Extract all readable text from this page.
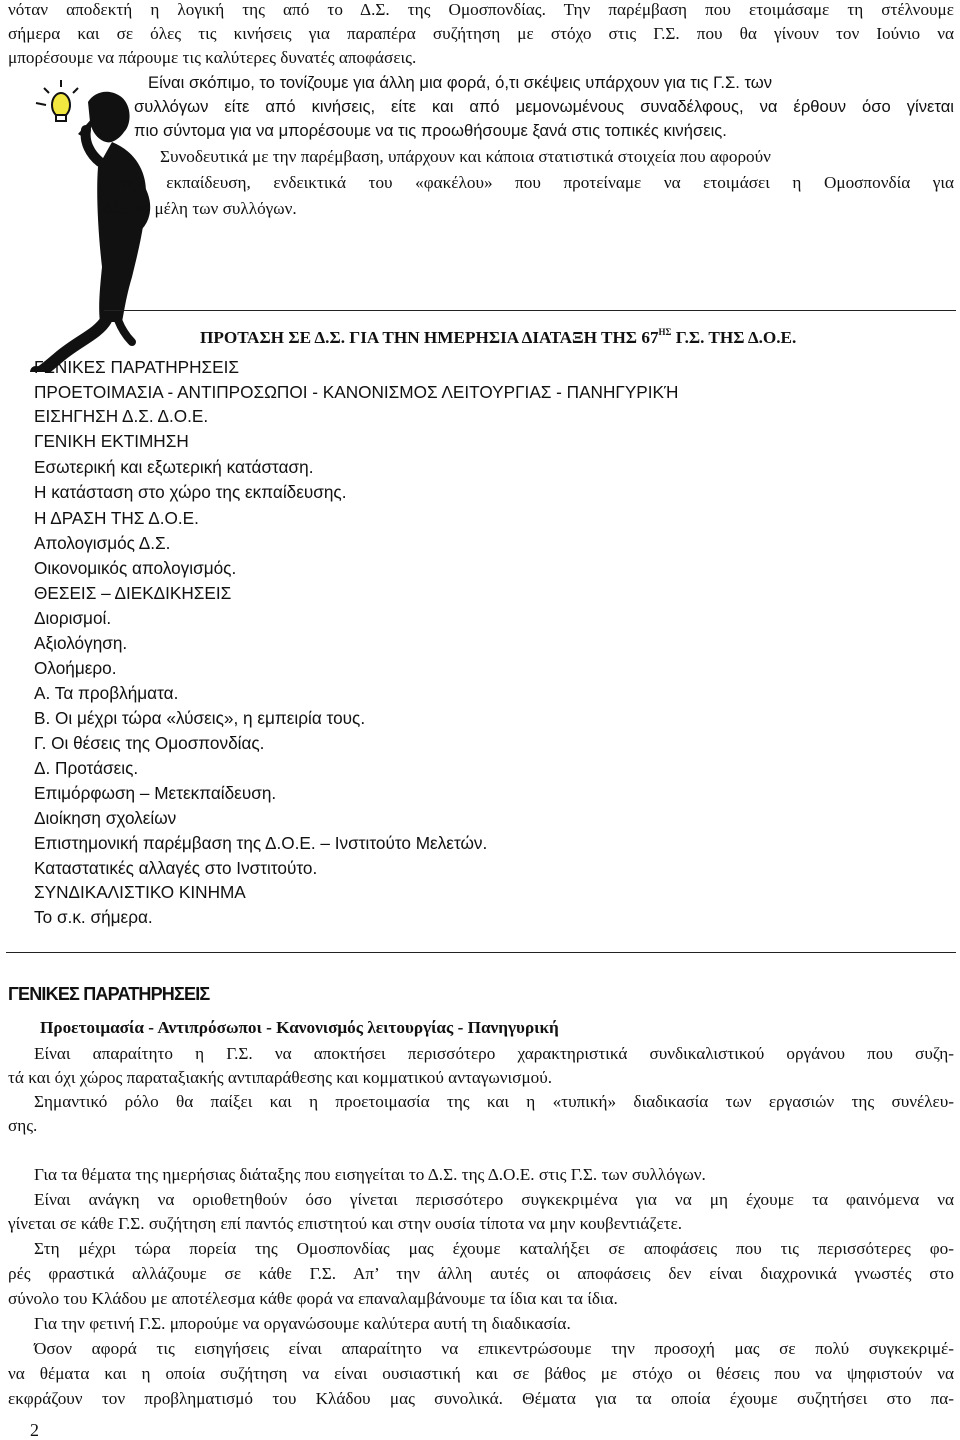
νόταν αποδεκτή η λογική της από το Δ.Σ. της Ομοσπονδίας. Την παρέμβαση που ετοιμάσαμε τη στέλνουμε
σήμερα και σε όλες τις κινήσεις για παραπέρα συζήτηση με στόχο στις Γ.Σ. που θα γίνουν τον Ιούνιο να
μπορέσουμε να πάρουμε τις καλύτερες δυνατές αποφάσεις.
Είναι σκόπιμο, το τονίζουμε για άλλη μια φορά, ό,τι σκέψεις υπάρχουν για τις Γ.Σ. των
συλλόγων είτε από κινήσεις, είτε και από μεμονωμένους συναδέλφους, να έρθουν όσο γίνεται
πιο σύντομα για να μπορέσουμε να τις προωθήσουμε ξανά στις τοπικές κινήσεις.
Συνοδευτικά με την παρέμβαση, υπάρχουν και κάποια στατιστικά στοιχεία που αφορούν
την εκπαίδευση, ενδεικτικά του «φακέλου» που προτείναμε να ετοιμάσει η Ομοσπονδία για
όλα τα μέλη των συλλόγων.
ΠΡΟΤΑΣΗ ΣΕ Δ.Σ. ΓΙΑ ΤΗΝ ΗΜΕΡΗΣΙΑ ΔΙΑΤΑΞΗ ΤΗΣ $67^{H\Sigma}$ Γ.Σ. ΤΗΣ Δ.Ο.Ε.
ΓΕΝΙΚΕΣ ΠΑΡΑΤΗΡΗΣΕΙΣ
ΠΡΟΕΤΟΙΜΑΣΙΑ - ΑΝΤΙΠΡΟΣΩΠΟΙ - ΚΑΝΟΝΙΣΜΟΣ ΛΕΙΤΟΥΡΓΙΑΣ - ΠΑΝΗΓΥΡΙΚΉ
ΕΙΣΗΓΗΣΗ Δ.Σ. Δ.Ο.Ε.
ΓΕΝΙΚΗ ΕΚΤΙΜΗΣΗ
Εσωτερική και εξωτερική κατάσταση.
Η κατάσταση στο χώρο της εκπαίδευσης.
Η ΔΡΑΣΗ ΤΗΣ Δ.Ο.Ε.
Απολογισμός Δ.Σ.
Οικονομικός απολογισμός.
ΘΕΣΕΙΣ – ΔΙΕΚΔΙΚΗΣΕΙΣ
Διορισμοί.
Αξιολόγηση.
Ολοήμερο.
Α. Τα προβλήματα.
Β. Οι μέχρι τώρα «λύσεις», η εμπειρία τους.
Γ. Οι θέσεις της Ομοσπονδίας.
Δ. Προτάσεις.
Επιμόρφωση – Μετεκπαίδευση.
Διοίκηση σχολείων
Επιστημονική παρέμβαση της Δ.Ο.Ε. – Ινστιτούτο Μελετών.
Καταστατικές αλλαγές στο Ινστιτούτο.
ΣΥΝΔΙΚΑΛΙΣΤΙΚΟ ΚΙΝΗΜΑ
Το σ.κ. σήμερα.
ΓΕΝΙΚΕΣ ΠΑΡΑΤΗΡΗΣΕΙΣ
Προετοιμασία - Αντιπρόσωποι - Κανονισμός λειτουργίας - Πανηγυρική
Είναι απαραίτητο η Γ.Σ. να αποκτήσει περισσότερο χαρακτηριστικά συνδικαλιστικού οργάνου που συζη-
τά και όχι χώρος παραταξιακής αντιπαράθεσης και κομματικού ανταγωνισμού.
Σημαντικό ρόλο θα παίξει και η προετοιμασία της και η «τυπική» διαδικασία των εργασιών της συνέλευ-
σης.
Για τα θέματα της ημερήσιας διάταξης που εισηγείται το Δ.Σ. της Δ.Ο.Ε. στις Γ.Σ. των συλλόγων.
Είναι ανάγκη να οριοθετηθούν όσο γίνεται περισσότερο συγκεκριμένα για να μη έχουμε τα φαινόμενα να
γίνεται σε κάθε Γ.Σ. συζήτηση επί παντός επιστητού και στην ουσία τίποτα να μην κουβεντιάζετε.
Στη μέχρι τώρα πορεία της Ομοσπονδίας μας έχουμε καταλήξει σε αποφάσεις που τις περισσότερες φο-
ρές φραστικά αλλάζουμε σε κάθε Γ.Σ. Απ’ την άλλη αυτές οι αποφάσεις δεν είναι διαχρονικά γνωστές στο
σύνολο του Κλάδου με αποτέλεσμα κάθε φορά να επαναλαμβάνουμε τα ίδια και τα ίδια.
Για την φετινή Γ.Σ. μπορούμε να οργανώσουμε καλύτερα αυτή τη διαδικασία.
Όσον αφορά τις εισηγήσεις είναι απαραίτητο να επικεντρώσουμε την προσοχή μας σε πολύ συγκεκριμέ-
να θέματα και η οποία συζήτηση να είναι ουσιαστική και σε βάθος με στόχο οι θέσεις που να ψηφιστούν να
εκφράζουν τον προβληματισμό του Κλάδου μας συνολικά. Θέματα για τα οποία έχουμε συζητήσει στο πα-
2
